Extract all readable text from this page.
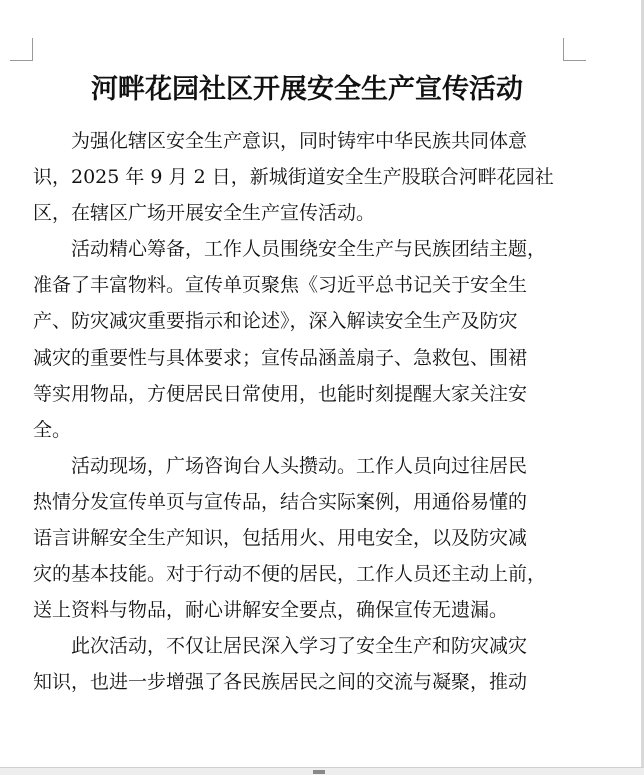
河畔花园社区开展安全生产宣传活动
为强化辖区安全生产意识，同时铸牢中华民族共同体意
识，2025 年 9 月 2 日，新城街道安全生产股联合河畔花园社
区，在辖区广场开展安全生产宣传活动。
活动精心筹备，工作人员围绕安全生产与民族团结主题，
准备了丰富物料。宣传单页聚焦《习近平总书记关于安全生
产、防灾减灾重要指示和论述》，深入解读安全生产及防灾
减灾的重要性与具体要求；宣传品涵盖扇子、急救包、围裙
等实用物品，方便居民日常使用，也能时刻提醒大家关注安
全。
活动现场，广场咨询台人头攒动。工作人员向过往居民
热情分发宣传单页与宣传品，结合实际案例，用通俗易懂的
语言讲解安全生产知识，包括用火、用电安全，以及防灾减
灾的基本技能。对于行动不便的居民，工作人员还主动上前，
送上资料与物品，耐心讲解安全要点，确保宣传无遗漏。
此次活动，不仅让居民深入学习了安全生产和防灾减灾
知识，也进一步增强了各民族居民之间的交流与凝聚，推动
